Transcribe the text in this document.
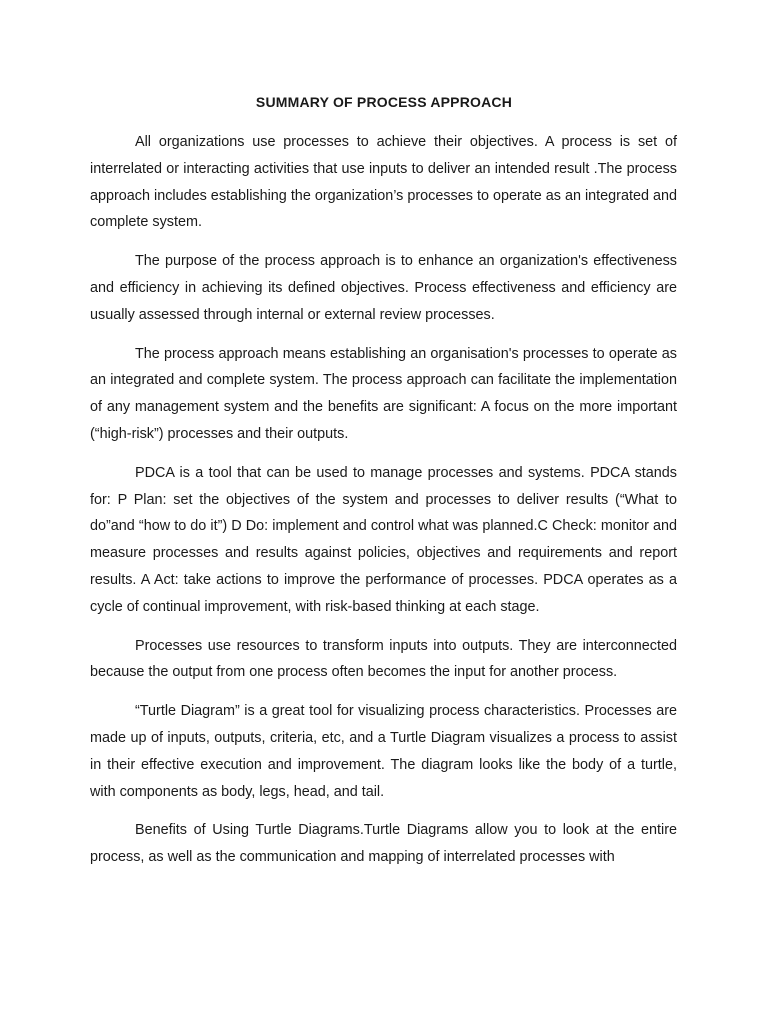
SUMMARY OF PROCESS APPROACH

All organizations use processes to achieve their objectives. A process is set of interrelated or interacting activities that use inputs to deliver an intended result .The process approach includes establishing the organization’s processes to operate as an integrated and complete system.

The purpose of the process approach is to enhance an organization's effectiveness and efficiency in achieving its defined objectives. Process effectiveness and efficiency are usually assessed through internal or external review processes.

The process approach means establishing an organisation's processes to operate as an integrated and complete system. The process approach can facilitate the implementation of any management system and the benefits are significant: A focus on the more important (“high-risk”) processes and their outputs.

PDCA is a tool that can be used to manage processes and systems. PDCA stands for: P Plan: set the objectives of the system and processes to deliver results (“What to do”and “how to do it”) D Do: implement and control what was planned.C Check: monitor and measure processes and results against policies, objectives and requirements and report results. A Act: take actions to improve the performance of processes. PDCA operates as a cycle of continual improvement, with risk-based thinking at each stage.

Processes use resources to transform inputs into outputs. They are interconnected because the output from one process often becomes the input for another process.

“Turtle Diagram” is a great tool for visualizing process characteristics. Processes are made up of inputs, outputs, criteria, etc, and a Turtle Diagram visualizes a process to assist in their effective execution and improvement. The diagram looks like the body of a turtle, with components as body, legs, head, and tail.

Benefits of Using Turtle Diagrams.Turtle Diagrams allow you to look at the entire process, as well as the communication and mapping of interrelated processes with
